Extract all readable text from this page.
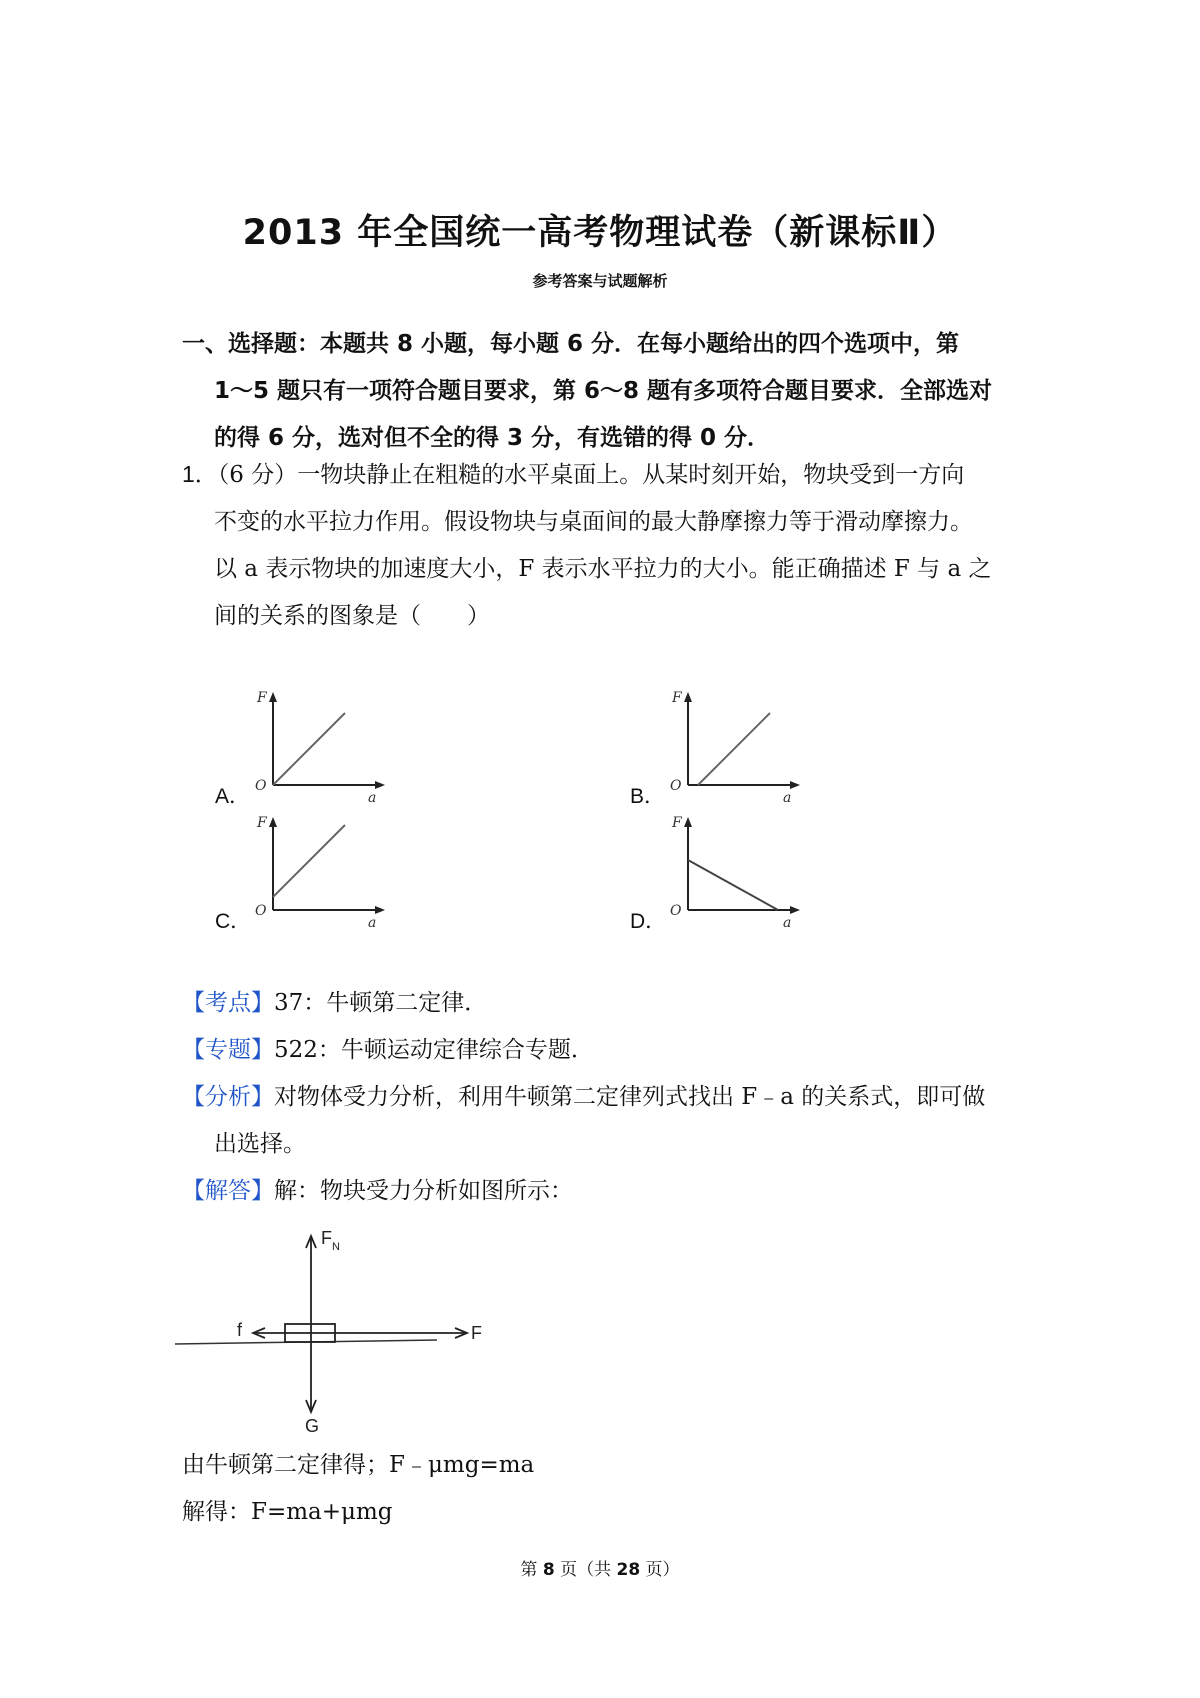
2013 年全国统一高考物理试卷（新课标Ⅱ）
参考答案与试题解析
一、选择题：本题共 8 小题，每小题 6 分．在每小题给出的四个选项中，第
1～5 题只有一项符合题目要求，第 6～8 题有多项符合题目要求．全部选对
的得 6 分，选对但不全的得 3 分，有选错的得 0 分．
1．（6 分）一物块静止在粗糙的水平桌面上。从某时刻开始，物块受到一方向
不变的水平拉力作用。假设物块与桌面间的最大静摩擦力等于滑动摩擦力。
以 a 表示物块的加速度大小，F 表示水平拉力的大小。能正确描述 F 与 a 之
间的关系的图象是（　　）
A．
F
O
a	B．
F
O
a
C．
F
O
a	D．
F
O
a
【考点】37：牛顿第二定律．
【专题】522：牛顿运动定律综合专题．
【分析】对物体受力分析，利用牛顿第二定律列式找出 F﹣a 的关系式，即可做
出选择。
【解答】解：物块受力分析如图所示：
F N
f	F
G
由牛顿第二定律得；F﹣μmg=ma
解得：F=ma+μmg
第 8 页（共 28 页）
